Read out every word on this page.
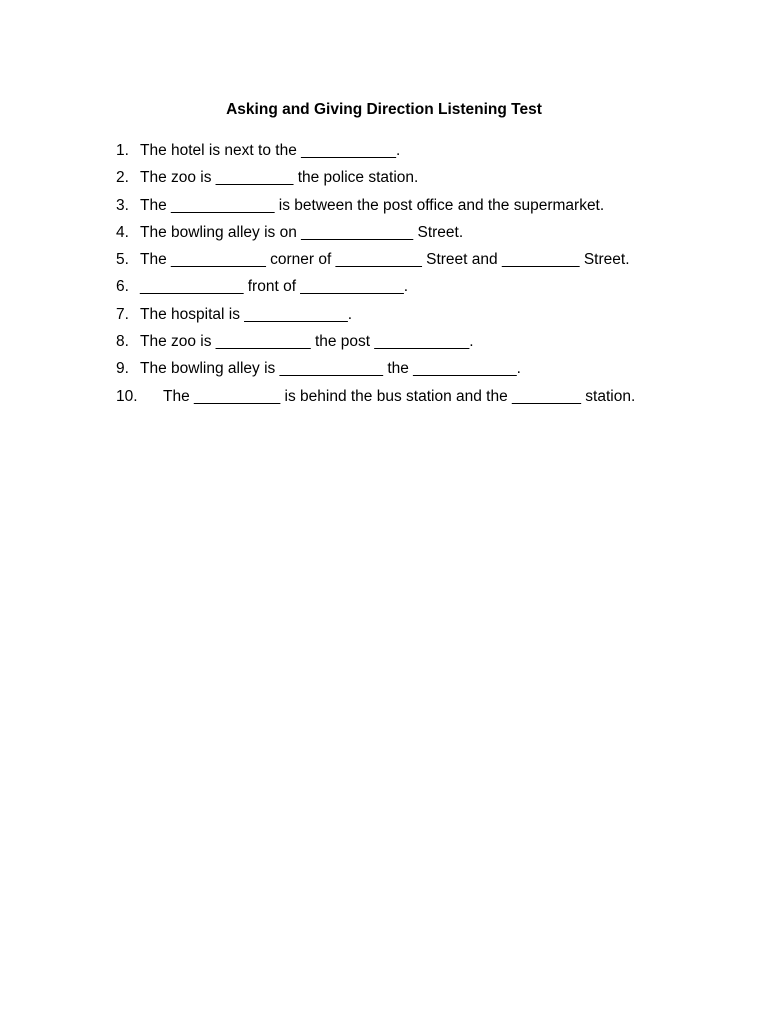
Asking and Giving Direction Listening Test
1. The hotel is next to the ___________.
2. The zoo is _________ the police station.
3. The ____________ is between the post office and the supermarket.
4. The bowling alley is on _____________ Street.
5. The ___________ corner of __________ Street and _________ Street.
6. ____________ front of ____________.
7. The hospital is ____________.
8. The zoo is ___________ the post ___________.
9. The bowling alley is ____________ the ____________.
10. The __________ is behind the bus station and the ________ station.
